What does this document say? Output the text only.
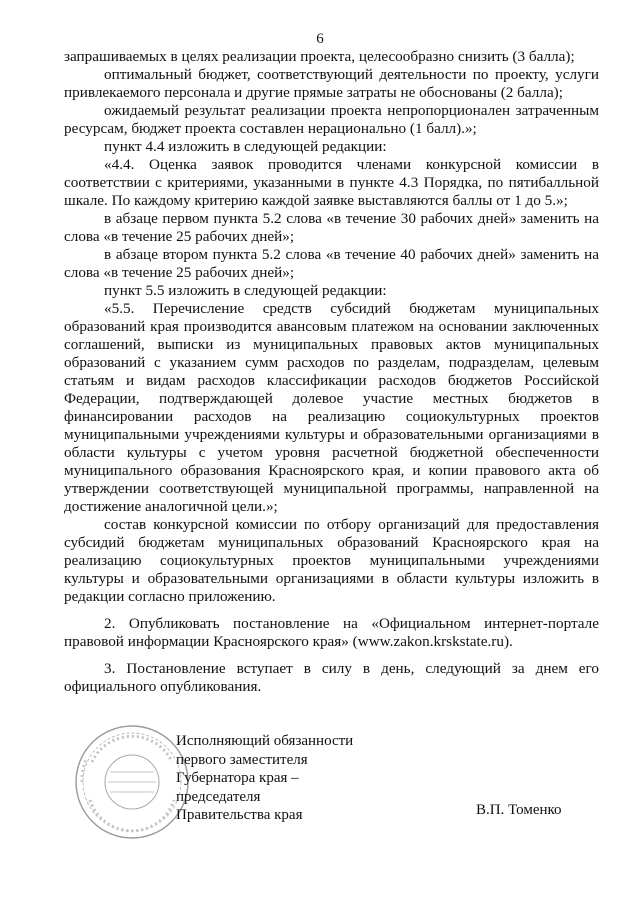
6

запрашиваемых в целях реализации проекта, целесообразно снизить (3 балла);

оптимальный бюджет, соответствующий деятельности по проекту, услуги привлекаемого персонала и другие прямые затраты не обоснованы (2 балла);

ожидаемый результат реализации проекта непропорционален затраченным ресурсам, бюджет проекта составлен нерационально (1 балл).»;

пункт 4.4 изложить в следующей редакции:

«4.4. Оценка заявок проводится членами конкурсной комиссии в соответствии с критериями, указанными в пункте 4.3 Порядка, по пятибалльной шкале. По каждому критерию каждой заявке выставляются баллы от 1 до 5.»;

в абзаце первом пункта 5.2 слова «в течение 30 рабочих дней» заменить на слова «в течение 25 рабочих дней»;

в абзаце втором пункта 5.2 слова «в течение 40 рабочих дней» заменить на слова «в течение 25 рабочих дней»;

пункт 5.5 изложить в следующей редакции:

«5.5. Перечисление средств субсидий бюджетам муниципальных образований края производится авансовым платежом на основании заключенных соглашений, выписки из муниципальных правовых актов муниципальных образований с указанием сумм расходов по разделам, подразделам, целевым статьям и видам расходов классификации расходов бюджетов Российской Федерации, подтверждающей долевое участие местных бюджетов в финансировании расходов на реализацию социокультурных проектов муниципальными учреждениями культуры и образовательными организациями в области культуры с учетом уровня расчетной бюджетной обеспеченности муниципального образования Красноярского края, и копии правового акта об утверждении соответствующей муниципальной программы, направленной на достижение аналогичной цели.»;

состав конкурсной комиссии по отбору организаций для предоставления субсидий бюджетам муниципальных образований Красноярского края на реализацию социокультурных проектов муниципальными учреждениями культуры и образовательными организациями в области культуры изложить в редакции согласно приложению.

2. Опубликовать постановление на «Официальном интернет-портале правовой информации Красноярского края» (www.zakon.krskstate.ru).

3. Постановление вступает в силу в день, следующий за днем его официального опубликования.

Исполняющий обязанности
первого заместителя
Губернатора края –
председателя
Правительства края	В.П. Томенко
